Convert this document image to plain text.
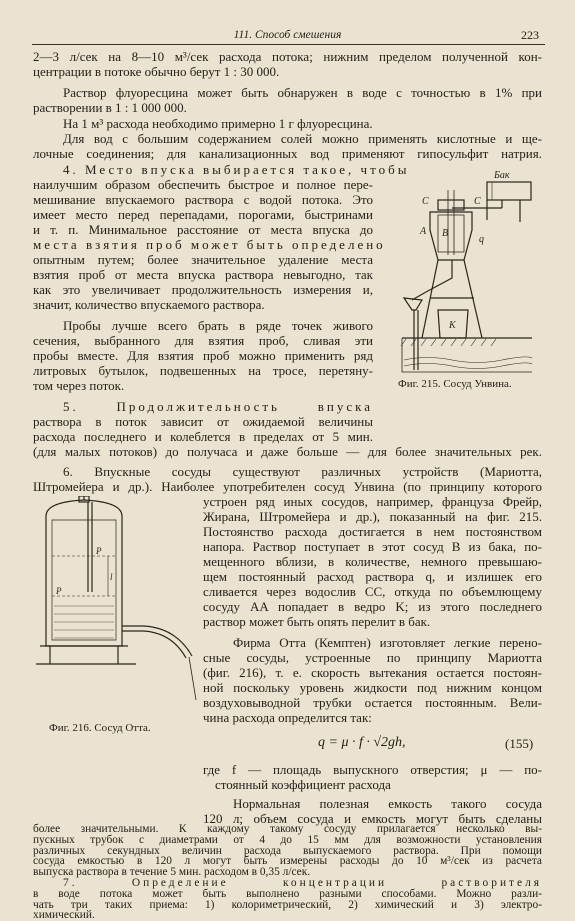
111. Способ смешения	223
2—3 л/сек на 8—10 м³/сек расхода потока; нижним пределом полученной кон-
центрации в потоке обычно берут 1 : 30 000.
Раствор флуоресцина может быть обнаружен в воде с точностью в 1% при
растворении в 1 : 1 000 000.
На 1 м³ расхода необходимо примерно 1 г флуоресцина.
Для вод с большим содержанием солей можно применять кислотные и ще-
лочные соединения; для канализационных вод применяют гипосульфит натрия.
4. Место впуска выбирается такое, чтобы
наилучшим образом обеспечить быстрое и полное пере-
мешивание впускаемого раствора с водой потока. Это
имеет место перед перепадами, порогами, быстринами
и т. п. Минимальное расстояние от места впуска до
места взятия проб может быть определено
опытным путем; более значительное удаление места
взятия проб от места впуска раствора невыгодно, так
как это увеличивает продолжительность измерения и,
значит, количество впускаемого раствора.
Пробы лучше всего брать в ряде точек живого
сечения, выбранного для взятия проб, сливая эти
пробы вместе. Для взятия проб можно применить ряд
литровых бутылок, подвешенных на тросе, перетяну-
том через поток.
5. Продолжительность впуска
раствора в поток зависит от ожидаемой величины
расхода последнего и колеблется в пределах от 5 мин.
Бак
С	С
А В
q
К
Фиг. 215. Сосуд Унвина.
(для малых потоков) до получаса и даже больше — для более значительных рек.
6. Впускные сосуды существуют различных устройств (Мариотта,
Штромейера и др.). Наиболее употребителен сосуд Унвина (по принципу которого
устроен ряд иных сосудов, например, француза Фрейр,
Жирана, Штромейера и др.), показанный на фиг. 215.
Постоянство расхода достигается в нем постоянством
напора. Раствор поступает в этот сосуд B из бака, по-
мещенного вблизи, в количестве, немного превышаю-
щем постоянный расход раствора q, и излишек его
сливается через водослив CC, откуда по объемлющему
сосуду AA попадает в ведро K; из этого последнего
раствор может быть опять перелит в бак.
Фирма Отта (Кемптен) изготовляет легкие перено-
сные сосуды, устроенные по принципу Мариотта
(фиг. 216), т. е. скорость вытекания остается постоян-
ной поскольку уровень жидкости под нижним концом
воздуховыводной трубки остается постоянным. Вели-
чина расхода определится так:
q = μ · f · √2gh,	(155)
где f — площадь выпускного отверстия; μ — по-
стоянный коэффициент расхода
Нормальная полезная емкость такого сосуда
120 л; объем сосуда и емкость могут быть сделаны
P
P
l
Фиг. 216. Сосуд Отта.
более значительными. К каждому такому сосуду прилагается несколько вы-
пускных трубок с диаметрами от 4 до 15 мм для возможности установления
различных секундных величин расхода выпускаемого раствора. При помощи
сосуда емкостью в 120 л могут быть измерены расходы до 10 м³/сек из расчета
выпуска раствора в течение 5 мин. расходом в 0,35 л/сек.
7. Определение концентрации растворителя
в воде потока может быть выполнено разными способами. Можно разли-
чать три таких приема: 1) колориметрический, 2) химический и 3) электро-
химический.
